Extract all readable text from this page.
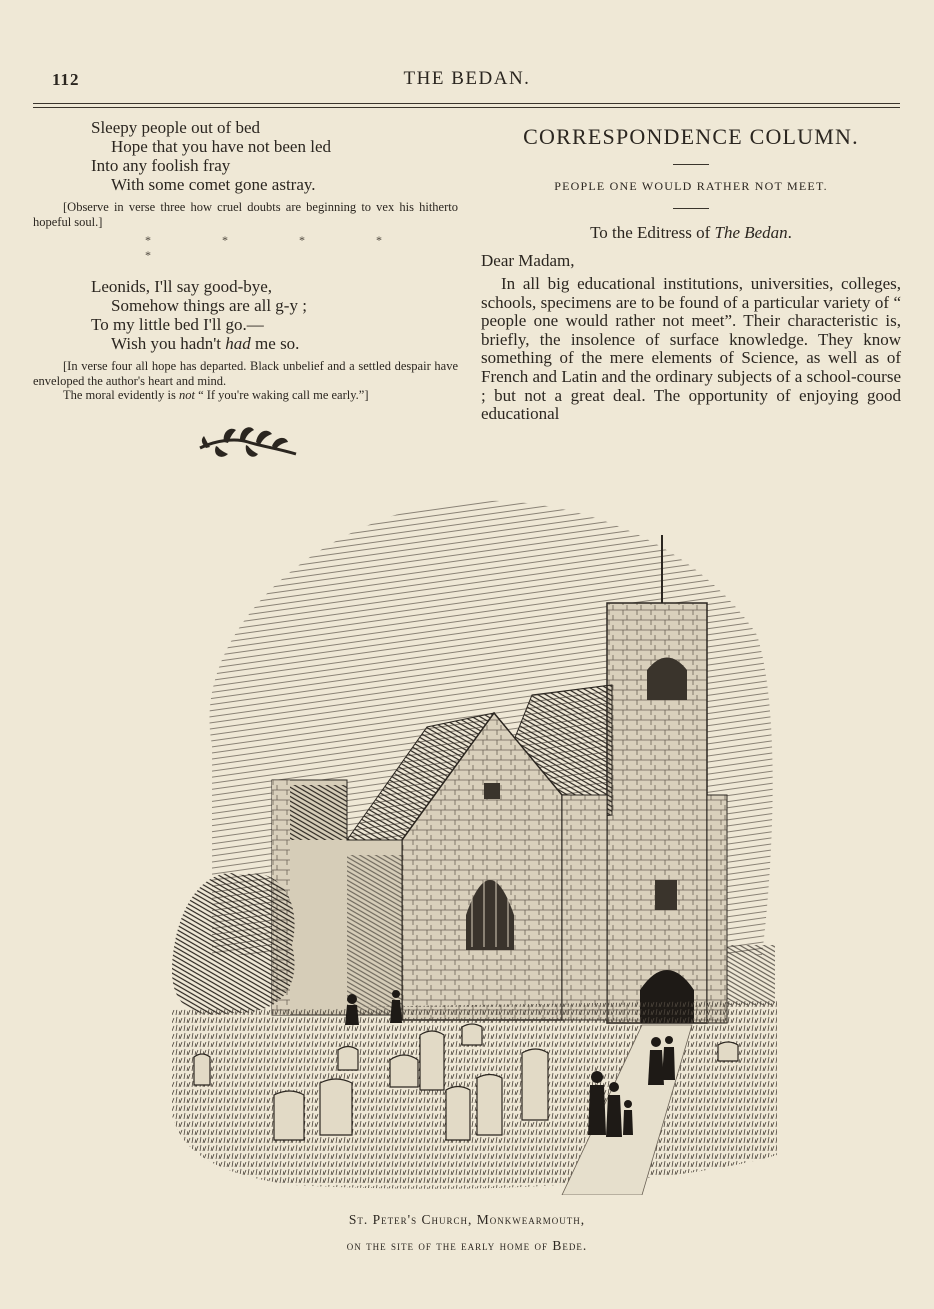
112	THE BEDAN.
Sleepy people out of bed
Hope that you have not been led
Into any foolish fray
With some comet gone astray.

[Observe in verse three how cruel doubts are beginning to vex his hitherto hopeful soul.]

* * * * *
Leonids, I'll say good-bye,
Somehow things are all g-y ;
To my little bed I'll go.—
Wish you hadn't had me so.

[In verse four all hope has departed. Black unbelief and a settled despair have enveloped the author's heart and mind.

The moral evidently is not “ If you're waking call me early.”]

CORRESPONDENCE COLUMN.
PEOPLE ONE WOULD RATHER NOT MEET.
To the Editress of The Bedan.
Dear Madam,

In all big educational institutions, universities, colleges, schools, specimens are to be found of a particular variety of “ people one would rather not meet”. Their characteristic is, briefly, the insolence of surface knowledge. They know something of the mere elements of Science, as well as of French and Latin and the ordinary subjects of a school-course ; but not a great deal. The opportunity of enjoying good educational

St. Peter's Church, Monkwearmouth,
on the site of the early home of Bede.
